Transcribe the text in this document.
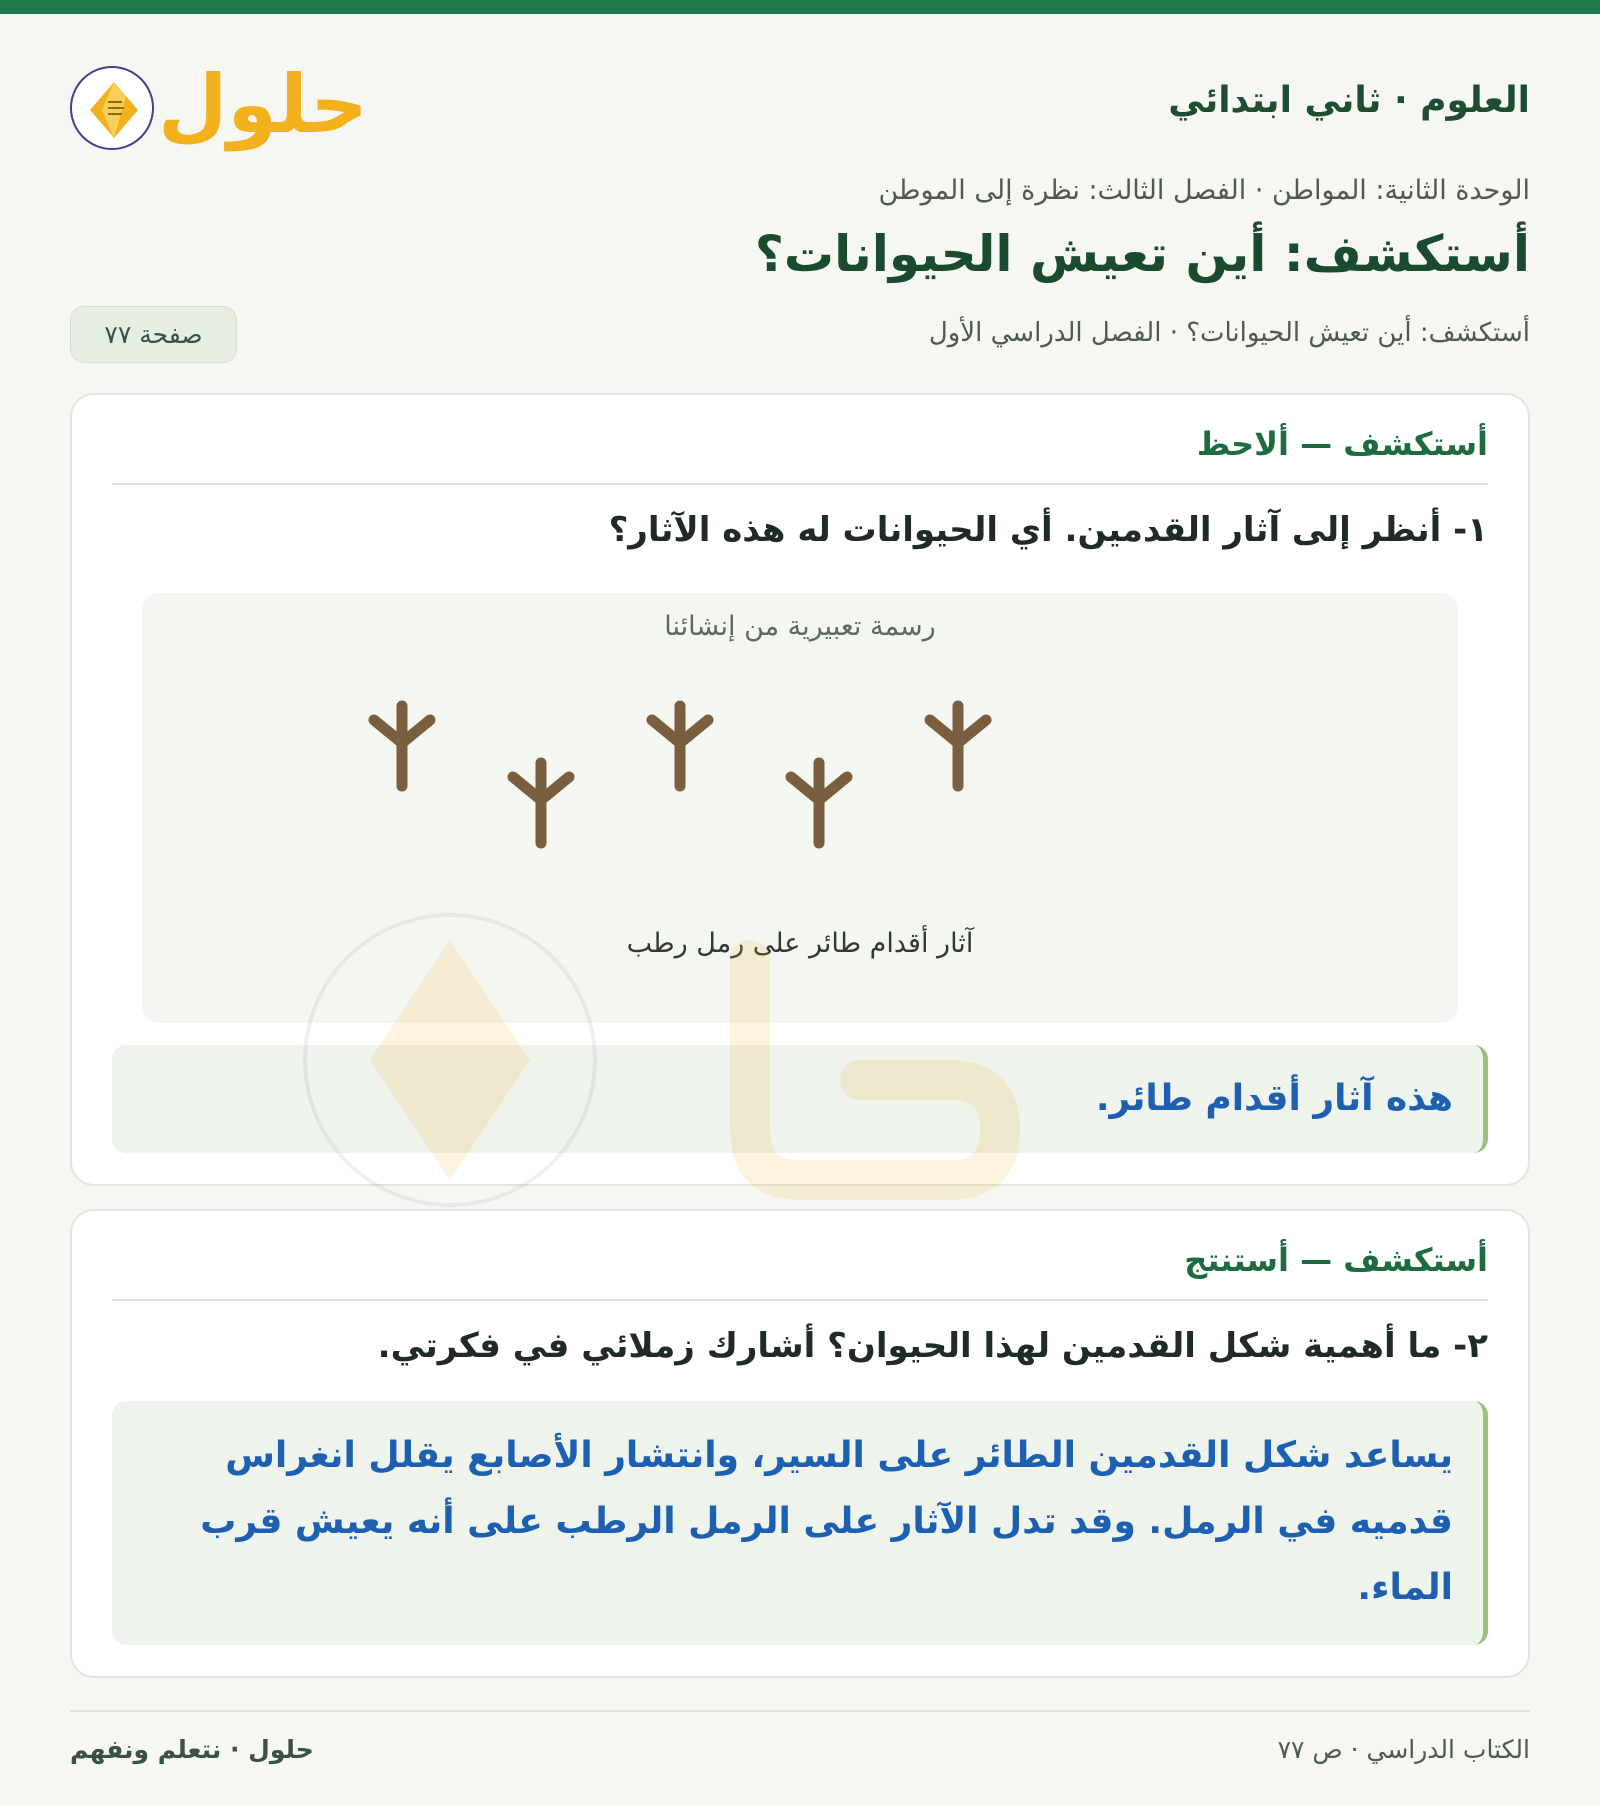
العلوم · ثاني ابتدائي
حلول
الوحدة الثانية: المواطن · الفصل الثالث: نظرة إلى الموطن
أستكشف: أين تعيش الحيوانات؟
أستكشف: أين تعيش الحيوانات؟ · الفصل الدراسي الأول
صفحة ٧٧
أستكشف — ألاحظ
١- أنظر إلى آثار القدمين. أي الحيوانات له هذه الآثار؟
رسمة تعبيرية من إنشائنا
آثار أقدام طائر على رمل رطب
هذه آثار أقدام طائر.
أستكشف — أستنتج
٢- ما أهمية شكل القدمين لهذا الحيوان؟ أشارك زملائي في فكرتي.
يساعد شكل القدمين الطائر على السير، وانتشار الأصابع يقلل انغراس قدميه في الرمل. وقد تدل الآثار على الرمل الرطب على أنه يعيش قرب الماء.
الكتاب الدراسي · ص ٧٧
حلول · نتعلم ونفهم
